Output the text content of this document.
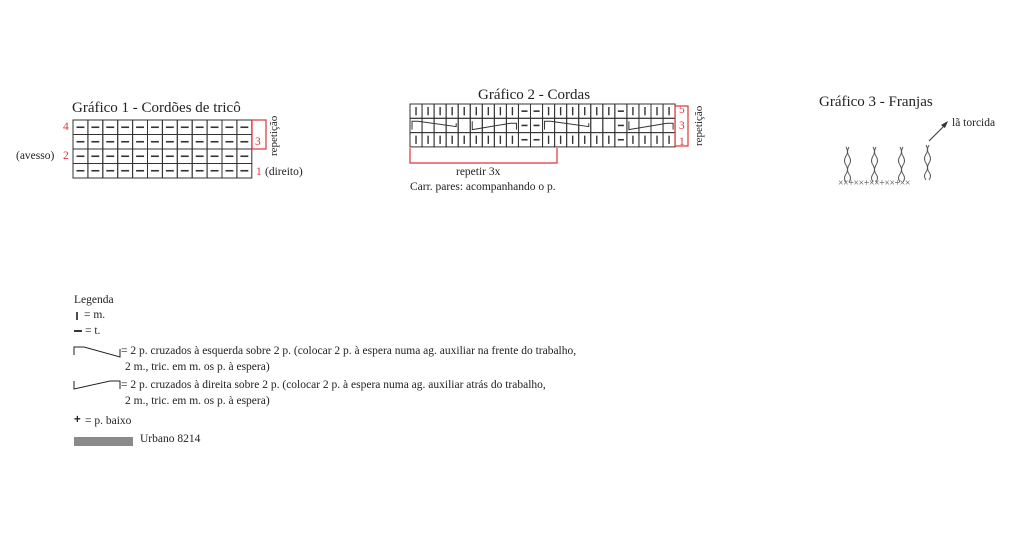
Gráfico 1 - Cordões de tricô
4
3
(avesso) 2
1 (direito)
repetição
Gráfico 2 - Cordas
5
3
1 repetição
repetir 3x
Carr. pares: acompanhando o p.
Gráfico 3 - Franjas
lã torcida
××+××+××+××+××
Legenda
= m.
= t.
= 2 p. cruzados à esquerda sobre 2 p. (colocar 2 p. à espera numa ag. auxiliar na frente do trabalho,
2 m., tric. em m. os p. à espera)
= 2 p. cruzados à direita sobre 2 p. (colocar 2 p. à espera numa ag. auxiliar atrás do trabalho,
2 m., tric. em m. os p. à espera)
+ = p. baixo
Urbano 8214
